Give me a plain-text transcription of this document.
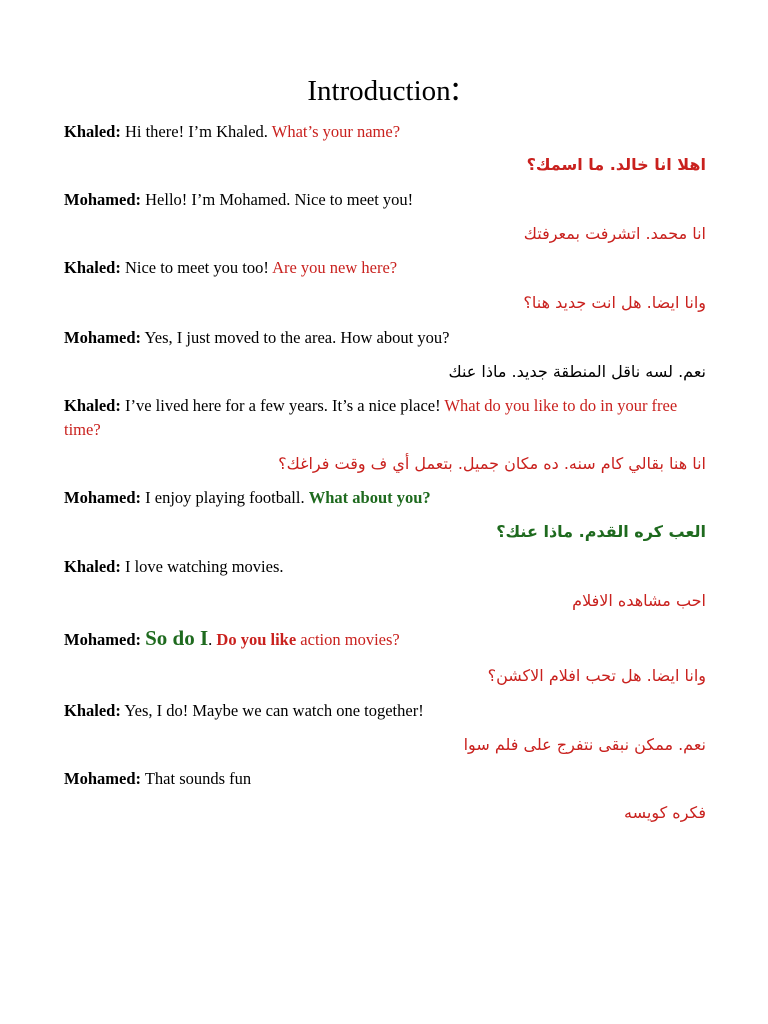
Introduction:
Khaled: Hi there! I’m Khaled. What’s your name?
اهلا انا خالد. ما اسمك؟
Mohamed: Hello! I’m Mohamed. Nice to meet you!
انا محمد. اتشرفت بمعرفتك
Khaled: Nice to meet you too! Are you new here?
وانا ايضا. هل انت جديد هنا؟
Mohamed: Yes, I just moved to the area. How about you?
نعم. لسه ناقل المنطقة جديد. ماذا عنك
Khaled: I’ve lived here for a few years. It’s a nice place! What do you like to do in your free time?
انا هنا بقالي كام سنه. ده مكان جميل. بتعمل أي ف وقت فراغك؟
Mohamed: I enjoy playing football. What about you?
العب كره القدم. ماذا عنك؟
Khaled: I love watching movies.
احب مشاهده الافلام
Mohamed: So do I. Do you like action movies?
وانا ايضا. هل تحب افلام الاكشن؟
Khaled: Yes, I do! Maybe we can watch one together!
نعم. ممكن نبقى نتفرج على فلم سوا
Mohamed: That sounds fun
فكره كويسه
